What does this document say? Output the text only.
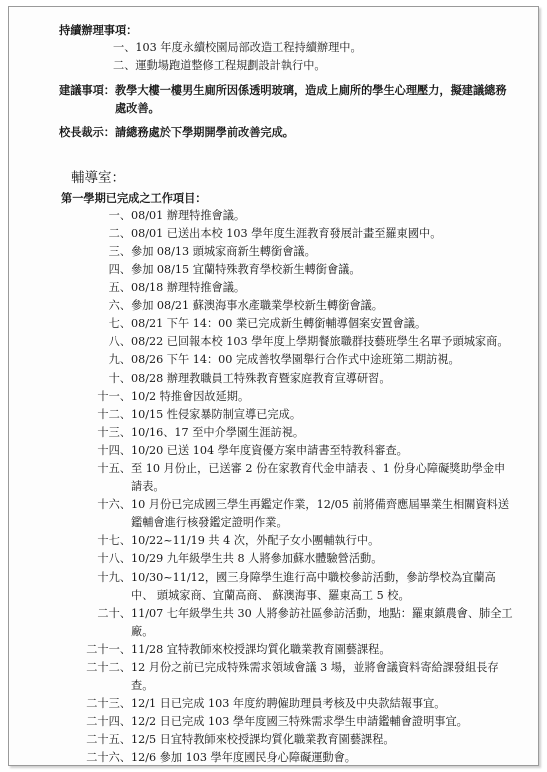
持續辦理事項：
一、103 年度永續校園局部改造工程持續辦理中。
二、運動場跑道整修工程規劃設計執行中。
建議事項： 教學大樓一樓男生廁所因係透明玻璃，造成上廁所的學生心理壓力，擬建議總務處改善。
校長裁示： 請總務處於下學期開學前改善完成。
輔導室：
第一學期已完成之工作項目：
一、 08/01 辦理特推會議。
二、 08/01 已送出本校 103 學年度生涯教育發展計畫至羅東國中。
三、 參加 08/13 頭城家商新生轉銜會議。
四、 參加 08/15 宜蘭特殊教育學校新生轉銜會議。
五、 08/18 辦理特推會議。
六、 參加 08/21 蘇澳海事水產職業學校新生轉銜會議。
七、 08/21 下午 14：00 業已完成新生轉銜輔導個案安置會議。
八、 08/22 已回報本校 103 學年度上學期餐旅職群技藝班學生名單予頭城家商。
九、 08/26 下午 14：00 完成善牧學園舉行合作式中途班第二期訪視。
十、 08/28 辦理教職員工特殊教育暨家庭教育宣導研習。
十一、 10/2 特推會因故延期。
十二、 10/15 性侵家暴防制宣導已完成。
十三、 10/16、17 至中介學園生涯訪視。
十四、 10/20 已送 104 學年度資優方案申請書至特教科審查。
十五、 至 10 月份止，已送審 2 份在家教育代金申請表 、1 份身心障礙獎助學金申請表。
十六、 10 月份已完成國三學生再鑑定作業，12/05 前將備齊應屆畢業生相關資料送鑑輔會進行核發鑑定證明作業。
十七、 10/22~11/19 共 4 次，外配子女小團輔執行中。
十八、 10/29 九年級學生共 8 人將參加蘇水體驗營活動。
十九、 10/30~11/12，國三身障學生進行高中職校參訪活動，參訪學校為宜蘭高中、 頭城家商、宜蘭高商、 蘇澳海事、羅東高工 5 校。
二十、 11/07 七年級學生共 30 人將參訪社區參訪活動，地點：羅東鎮農會、肺全工廠。
二十一、 11/28 宜特教師來校授課均質化職業教育園藝課程。
二十二、 12 月份之前已完成特殊需求領域會議 3 場，並將會議資料寄給課發組長存查。
二十三、 12/1 日已完成 103 年度約聘僱助理員考核及中央款結報事宜。
二十四、 12/2 日已完成 103 學年度國三特殊需求學生申請鑑輔會證明事宜。
二十五、 12/5 日宜特教師來校授課均質化職業教育園藝課程。
二十六、 12/6 參加 103 學年度國民身心障礙運動會。
